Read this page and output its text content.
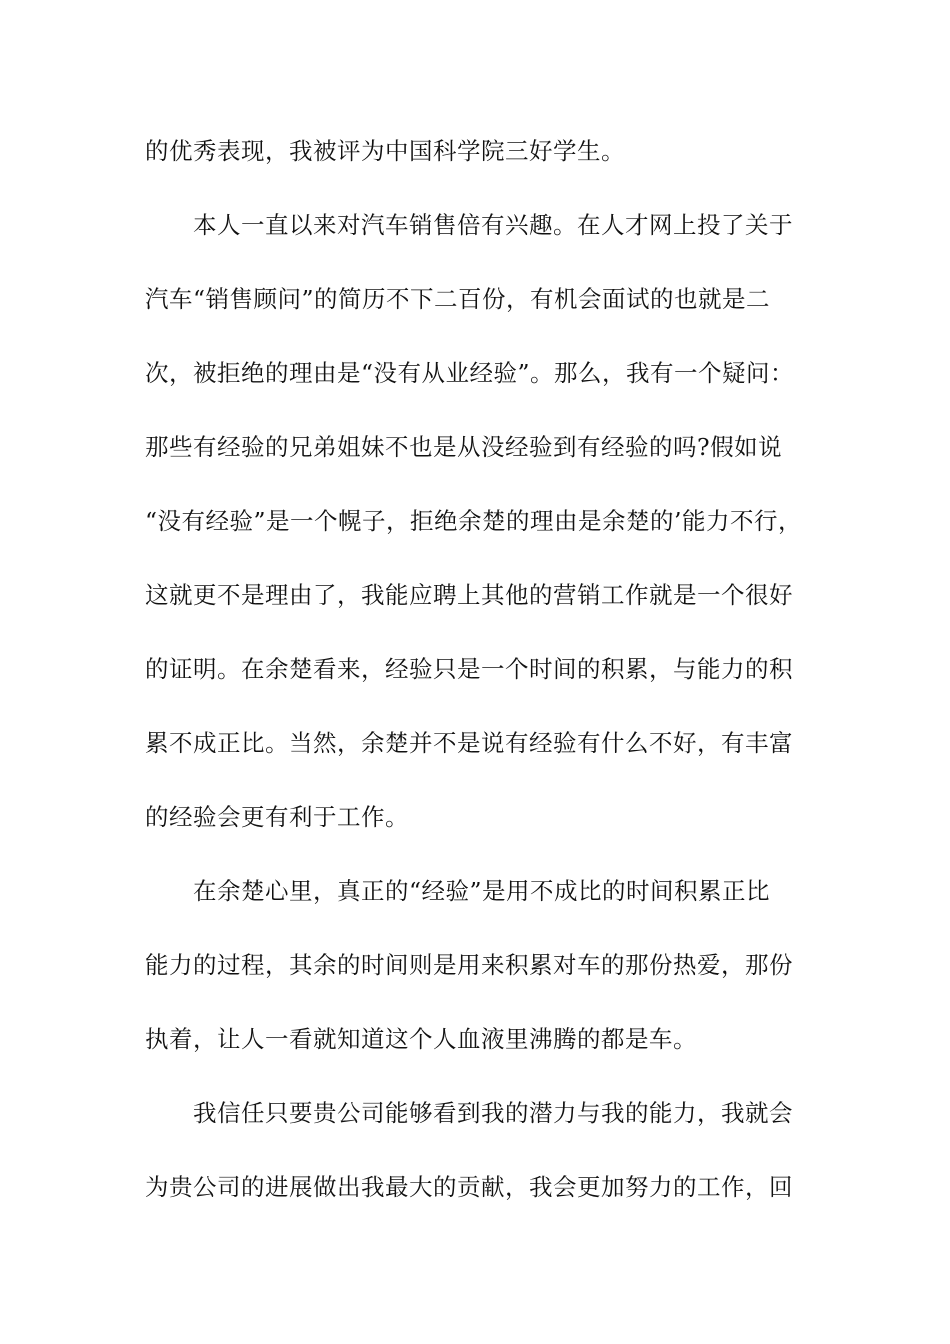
的优秀表现，我被评为中国科学院三好学生。
本人一直以来对汽车销售倍有兴趣。在人才网上投了关于
汽车“销售顾问”的简历不下二百份，有机会面试的也就是二
次，被拒绝的理由是“没有从业经验”。那么，我有一个疑问：
那些有经验的兄弟姐妹不也是从没经验到有经验的吗?假如说
“没有经验”是一个幌子，拒绝余楚的理由是余楚的’能力不行，
这就更不是理由了，我能应聘上其他的营销工作就是一个很好
的证明。在余楚看来，经验只是一个时间的积累，与能力的积
累不成正比。当然，余楚并不是说有经验有什么不好，有丰富
的经验会更有利于工作。
在余楚心里，真正的“经验”是用不成比的时间积累正比
能力的过程，其余的时间则是用来积累对车的那份热爱，那份
执着，让人一看就知道这个人血液里沸腾的都是车。
我信任只要贵公司能够看到我的潜力与我的能力，我就会
为贵公司的进展做出我最大的贡献，我会更加努力的工作，回
